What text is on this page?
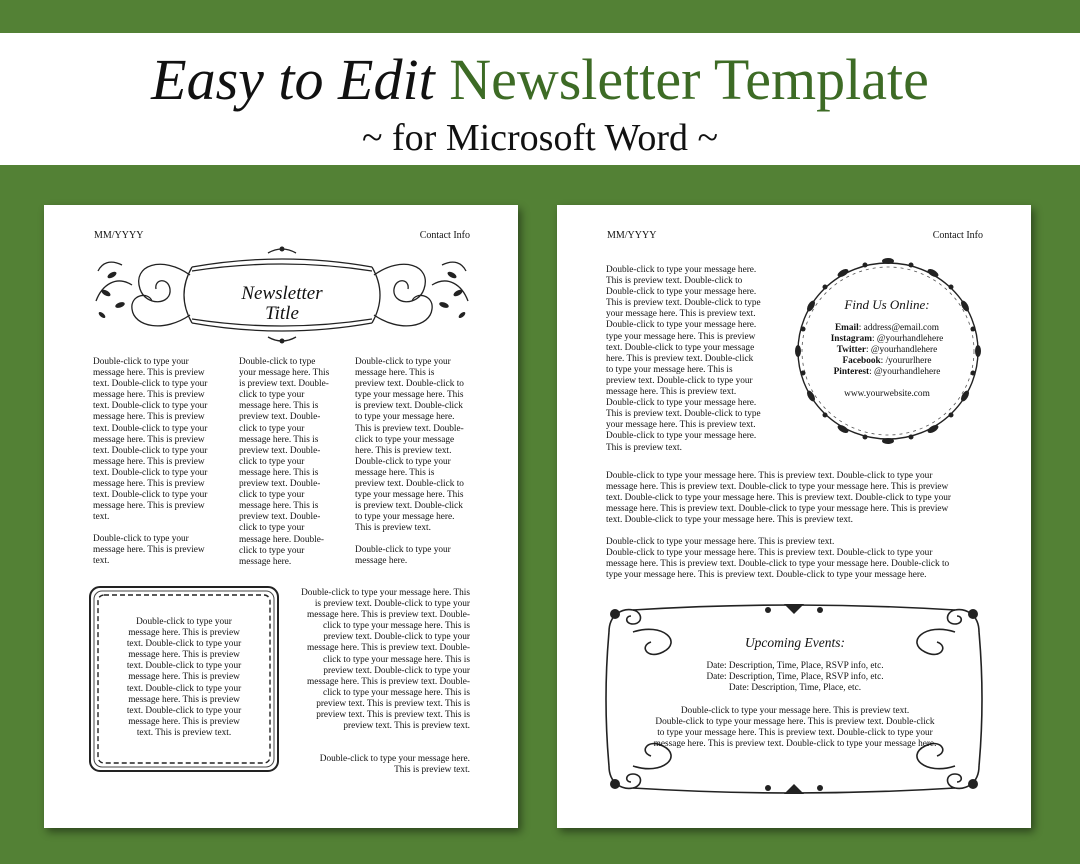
Easy to Edit Newsletter Template
~ for Microsoft Word ~
MM/YYYY	Contact Info
Newsletter
Title
Double-click to type your
message here. This is preview
text. Double-click to type your
message here. This is preview
text. Double-click to type your
message here. This is preview
text. Double-click to type your
message here. This is preview
text. Double-click to type your
message here. This is preview
text. Double-click to type your
message here. This is preview
text. Double-click to type your
message here. This is preview
text.
Double-click to type your
message here. This is preview
text.
Double-click to type
your message here. This
is preview text. Double-
click to type your
message here. This is
preview text. Double-
click to type your
message here. This is
preview text. Double-
click to type your
message here. This is
preview text. Double-
click to type your
message here. This is
preview text. Double-
click to type your
message here. Double-
click to type your
message here.
Double-click to type your
message here. This is
preview text. Double-click to
type your message here. This
is preview text. Double-click
to type your message here.
This is preview text. Double-
click to type your message
here. This is preview text.
Double-click to type your
message here. This is
preview text. Double-click to
type your message here. This
is preview text. Double-click
to type your message here.
This is preview text.
Double-click to type your
message here.
Double-click to type your
message here. This is preview
text. Double-click to type your
message here. This is preview
text. Double-click to type your
message here. This is preview
text. Double-click to type your
message here. This is preview
text. Double-click to type your
message here. This is preview
text. This is preview text.
Double-click to type your message here. This
is preview text. Double-click to type your
message here. This is preview text. Double-
click to type your message here. This is
preview text. Double-click to type your
message here. This is preview text. Double-
click to type your message here. This is
preview text. Double-click to type your
message here. This is preview text. Double-
click to type your message here. This is
preview text. This is preview text. This is
preview text. This is preview text. This is
preview text. This is preview text.
Double-click to type your message here.
This is preview text.
MM/YYYY	Contact Info
Double-click to type your message here.
This is preview text. Double-click to
Double-click to type your message here.
This is preview text. Double-click to type
your message here. This is preview text.
Double-click to type your message here.
type your message here. This is preview
text. Double-click to type your message
here. This is preview text. Double-click
to type your message here. This is
preview text. Double-click to type your
message here. This is preview text.
Double-click to type your message here.
This is preview text. Double-click to type
your message here. This is preview text.
Double-click to type your message here.
This is preview text.
Find Us Online:
Email: address@email.com
Instagram: @yourhandlehere
Twitter: @yourhandlehere
Facebook: /yoururlhere
Pinterest: @yourhandlehere
www.yourwebsite.com
Double-click to type your message here. This is preview text. Double-click to type your
message here. This is preview text. Double-click to type your message here. This is preview
text. Double-click to type your message here. This is preview text. Double-click to type your
message here. This is preview text. Double-click to type your message here. This is preview
text. Double-click to type your message here. This is preview text.
Double-click to type your message here. This is preview text.
Double-click to type your message here. This is preview text. Double-click to type your
message here. This is preview text. Double-click to type your message here. Double-click to
type your message here. This is preview text. Double-click to type your message here.
Upcoming Events:
Date: Description, Time, Place, RSVP info, etc.
Date: Description, Time, Place, RSVP info, etc.
Date: Description, Time, Place, etc.
Double-click to type your message here. This is preview text.
Double-click to type your message here. This is preview text. Double-click
to type your message here. This is preview text. Double-click to type your
message here. This is preview text. Double-click to type your message here.
